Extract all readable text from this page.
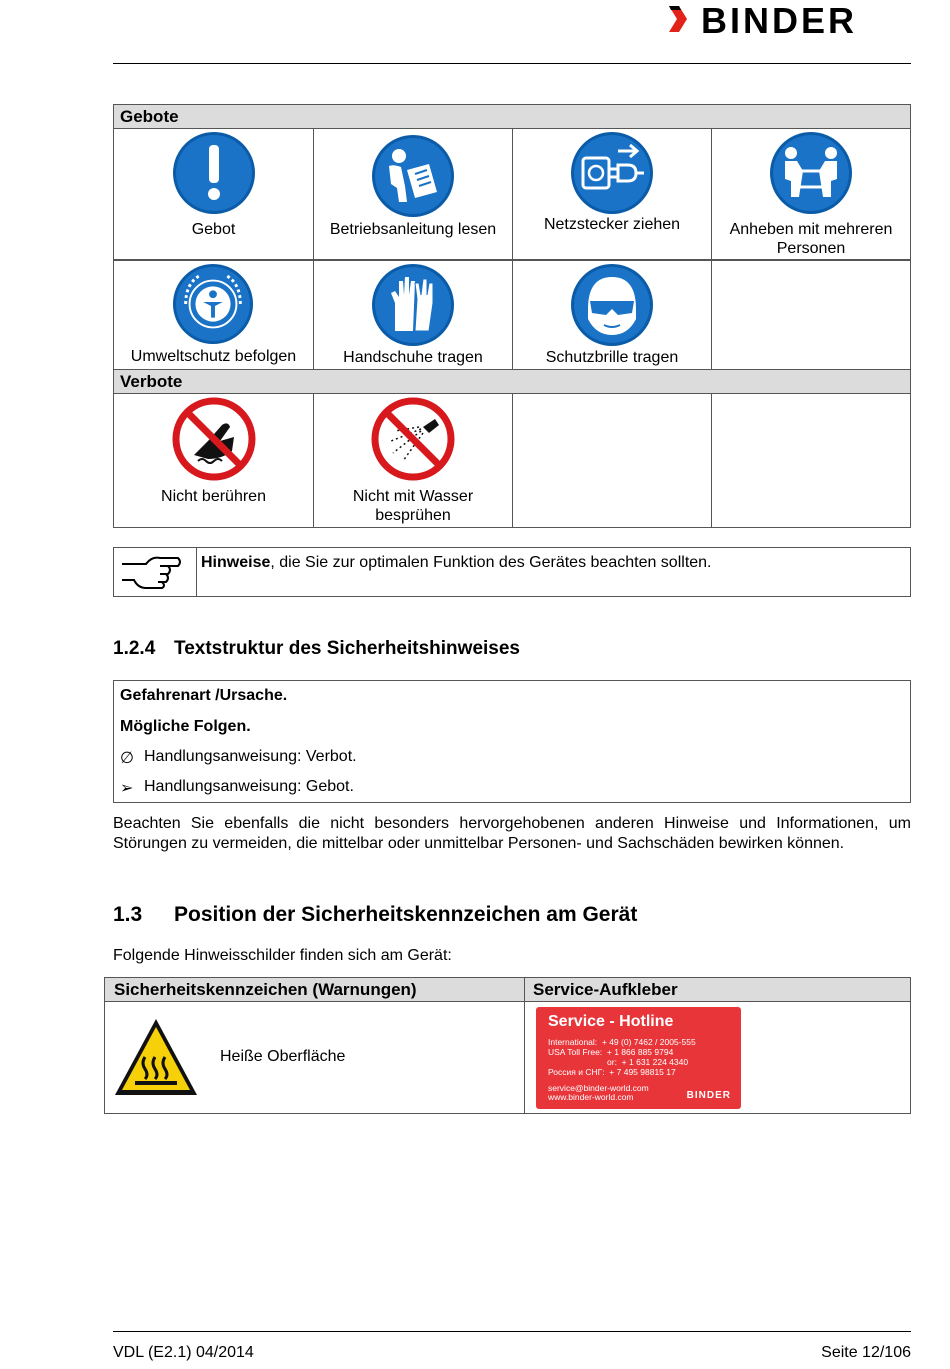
BINDER
Gebote
Verbote
Gebot	Betriebsanleitung lesen	Netzstecker ziehen	Anheben mit mehreren Personen
Umweltschutz befolgen	Handschuhe tragen	Schutzbrille tragen
Nicht berühren	Nicht mit Wasser besprühen
Hinweise, die Sie zur optimalen Funktion des Gerätes beachten sollten.
1.2.4 Textstruktur des Sicherheitshinweises
Gefahrenart /Ursache.
Mögliche Folgen.
∅ Handlungsanweisung: Verbot.
➢ Handlungsanweisung: Gebot.
Beachten Sie ebenfalls die nicht besonders hervorgehobenen anderen Hinweise und Informationen, um Störungen zu vermeiden, die mittelbar oder unmittelbar Personen- und Sachschäden bewirken können.
1.3 Position der Sicherheitskennzeichen am Gerät
Folgende Hinweisschilder finden sich am Gerät:
Sicherheitskennzeichen (Warnungen)	Service-Aufkleber
Heiße Oberfläche
Service - Hotline
International:  + 49 (0) 7462 / 2005-555
USA Toll Free:  + 1 866 885 9794
or:  + 1 631 224 4340
Россия и СНГ:  + 7 495 98815 17
service@binder-world.com
www.binder-world.com	BINDER
VDL (E2.1) 04/2014	Seite 12/106
